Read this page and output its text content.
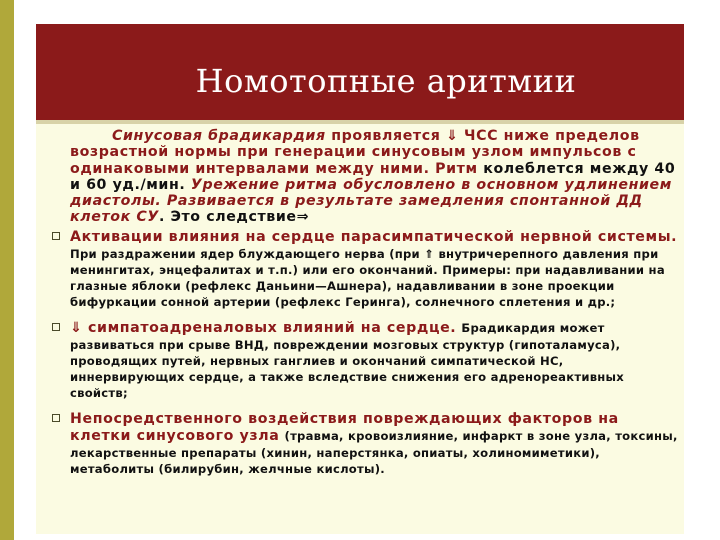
Номотопные аритмии
Синусовая брадикардия проявляется ⇓ ЧСС ниже пределов возрастной нормы при генерации синусовым узлом импульсов с одинаковыми интервалами между ними. Ритм колеблется между 40 и 60 уд./мин. Урежение ритма обусловлено в основном удлинением диастолы. Развивается в результате замедления спонтанной ДД клеток СУ. Это следствие⇒
Активации влияния на сердце парасимпатической нервной системы. При раздражении ядер блуждающего нерва (при ⇑ внутричерепного давления при менингитах, энцефалитах и т.п.) или его окончаний. Примеры: при надавливании на глазные яблоки (рефлекс Даньини—Ашнера), надавливании в зоне проекции бифуркации сонной артерии (рефлекс Геринга), солнечного сплетения и др.;
⇓ симпатоадреналовых влияний на сердце. Брадикардия может развиваться при срыве ВНД, повреждении мозговых структур (гипоталамуса), проводящих путей, нервных ганглиев и окончаний симпатической НС, иннервирующих сердце, а также вследствие снижения его адренореактивных свойств;
Непосредственного воздействия повреждающих факторов на клетки синусового узла (травма, кровоизлияние, инфаркт в зоне узла, токсины, лекарственные препараты (хинин, наперстянка, опиаты, холиномиметики), метаболиты (билирубин, желчные кислоты).
